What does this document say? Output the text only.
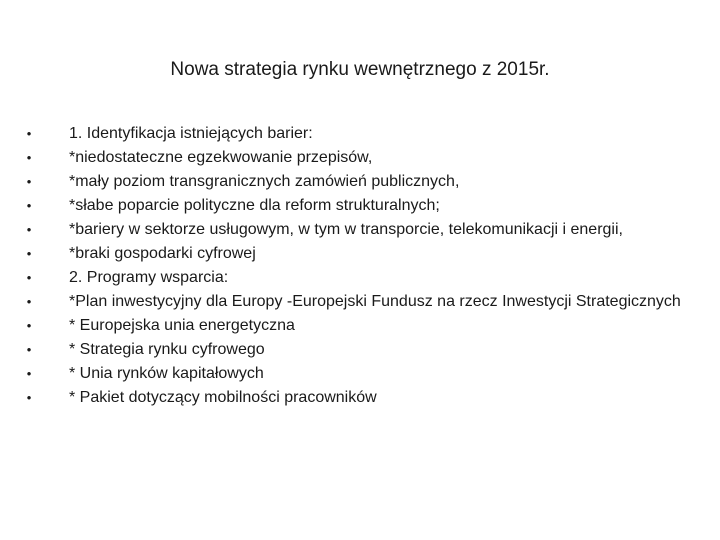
Nowa strategia rynku wewnętrznego z 2015r.
• 1. Identyfikacja istniejących barier:
• *niedostateczne egzekwowanie przepisów,
• *mały poziom transgranicznych zamówień publicznych,
• *słabe poparcie polityczne dla reform strukturalnych;
• *bariery w sektorze usługowym, w tym w transporcie, telekomunikacji i energii,
• *braki gospodarki cyfrowej
• 2. Programy wsparcia:
• *Plan inwestycyjny dla Europy -Europejski Fundusz na rzecz Inwestycji Strategicznych
• * Europejska unia energetyczna
• * Strategia rynku cyfrowego
• * Unia rynków kapitałowych
• * Pakiet dotyczący mobilności pracowników
